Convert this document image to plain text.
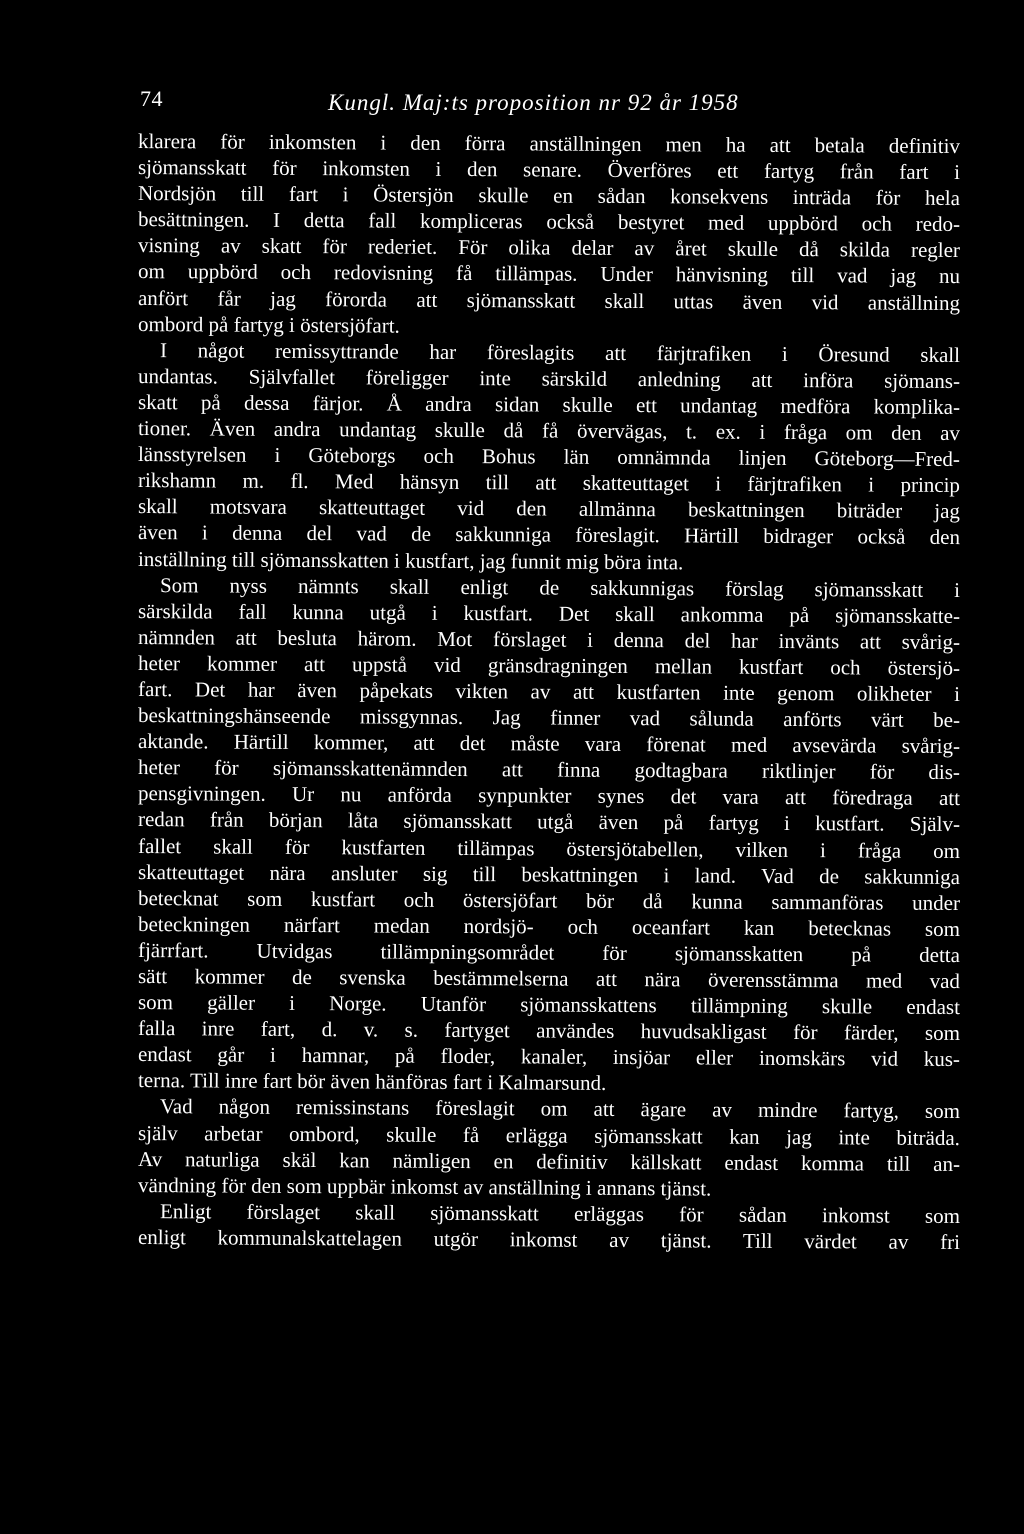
74	Kungl. Maj:ts proposition nr 92 år 1958
klarera för inkomsten i den förra anställningen men ha att betala definitiv
sjömansskatt för inkomsten i den senare. Överföres ett fartyg från fart i
Nordsjön till fart i Östersjön skulle en sådan konsekvens inträda för hela
besättningen. I detta fall kompliceras också bestyret med uppbörd och redo-
visning av skatt för rederiet. För olika delar av året skulle då skilda regler
om uppbörd och redovisning få tillämpas. Under hänvisning till vad jag nu
anfört får jag förorda att sjömansskatt skall uttas även vid anställning
ombord på fartyg i östersjöfart.
I något remissyttrande har föreslagits att färjtrafiken i Öresund skall
undantas. Självfallet föreligger inte särskild anledning att införa sjömans-
skatt på dessa färjor. Å andra sidan skulle ett undantag medföra komplika-
tioner. Även andra undantag skulle då få övervägas, t. ex. i fråga om den av
länsstyrelsen i Göteborgs och Bohus län omnämnda linjen Göteborg—Fred-
rikshamn m. fl. Med hänsyn till att skatteuttaget i färjtrafiken i princip
skall motsvara skatteuttaget vid den allmänna beskattningen biträder jag
även i denna del vad de sakkunniga föreslagit. Härtill bidrager också den
inställning till sjömansskatten i kustfart, jag funnit mig böra inta.
Som nyss nämnts skall enligt de sakkunnigas förslag sjömansskatt i
särskilda fall kunna utgå i kustfart. Det skall ankomma på sjömansskatte-
nämnden att besluta härom. Mot förslaget i denna del har invänts att svårig-
heter kommer att uppstå vid gränsdragningen mellan kustfart och östersjö-
fart. Det har även påpekats vikten av att kustfarten inte genom olikheter i
beskattningshänseende missgynnas. Jag finner vad sålunda anförts värt be-
aktande. Härtill kommer, att det måste vara förenat med avsevärda svårig-
heter för sjömansskattenämnden att finna godtagbara riktlinjer för dis-
pensgivningen. Ur nu anförda synpunkter synes det vara att föredraga att
redan från början låta sjömansskatt utgå även på fartyg i kustfart. Själv-
fallet skall för kustfarten tillämpas östersjötabellen, vilken i fråga om
skatteuttaget nära ansluter sig till beskattningen i land. Vad de sakkunniga
betecknat som kustfart och östersjöfart bör då kunna sammanföras under
beteckningen närfart medan nordsjö- och oceanfart kan betecknas som
fjärrfart. Utvidgas tillämpningsområdet för sjömansskatten på detta
sätt kommer de svenska bestämmelserna att nära överensstämma med vad
som gäller i Norge. Utanför sjömansskattens tillämpning skulle endast
falla inre fart, d. v. s. fartyget användes huvudsakligast för färder, som
endast går i hamnar, på floder, kanaler, insjöar eller inomskärs vid kus-
terna. Till inre fart bör även hänföras fart i Kalmarsund.
Vad någon remissinstans föreslagit om att ägare av mindre fartyg, som
själv arbetar ombord, skulle få erlägga sjömansskatt kan jag inte biträda.
Av naturliga skäl kan nämligen en definitiv källskatt endast komma till an-
vändning för den som uppbär inkomst av anställning i annans tjänst.
Enligt förslaget skall sjömansskatt erläggas för sådan inkomst som
enligt kommunalskattelagen utgör inkomst av tjänst. Till värdet av fri
